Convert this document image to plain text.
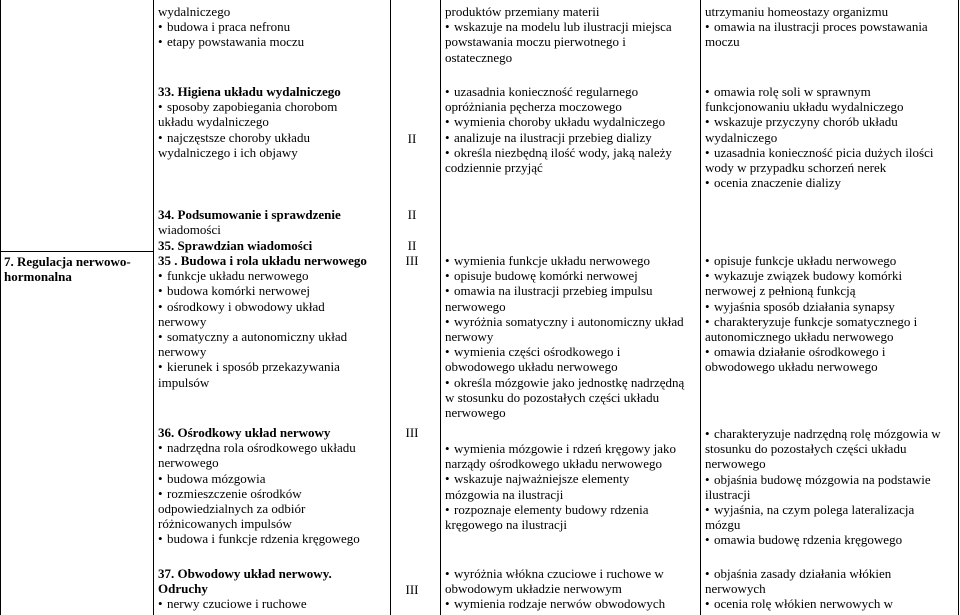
wydalniczego
• budowa i praca nefronu
• etapy powstawania moczu
produktów przemiany materii
• wskazuje na modelu lub ilustracji miejsca
powstawania moczu pierwotnego i
ostatecznego
utrzymaniu homeostazy organizmu
• omawia na ilustracji proces powstawania
moczu
33. Higiena układu wydalniczego
• sposoby zapobiegania chorobom
układu wydalniczego
• najczęstsze choroby układu
wydalniczego i ich objawy
II
• uzasadnia konieczność regularnego
opróżniania pęcherza moczowego
• wymienia choroby układu wydalniczego
• analizuje na ilustracji przebieg dializy
• określa niezbędną ilość wody, jaką należy
codziennie przyjąć
• omawia rolę soli w sprawnym
funkcjonowaniu układu wydalniczego
• wskazuje przyczyny chorób układu
wydalniczego
• uzasadnia konieczność picia dużych ilości
wody w przypadku schorzeń nerek
• ocenia znaczenie dializy
34. Podsumowanie i sprawdzenie
wiadomości
II
35. Sprawdzian wiadomości	II
7. Regulacja nerwowo-
hormonalna
35 . Budowa i rola układu nerwowego
• funkcje układu nerwowego
• budowa komórki nerwowej
• ośrodkowy i obwodowy układ
nerwowy
• somatyczny a autonomiczny układ
nerwowy
• kierunek i sposób przekazywania
impulsów
III
•	wymienia funkcje układu nerwowego
• opisuje budowę komórki nerwowej
• omawia na ilustracji przebieg impulsu
nerwowego
• wyróżnia somatyczny i autonomiczny układ
nerwowy
• wymienia części ośrodkowego i
obwodowego układu nerwowego
• określa mózgowie jako jednostkę nadrzędną
w stosunku do pozostałych części układu
nerwowego
• opisuje funkcje układu nerwowego
• wykazuje związek budowy komórki
nerwowej z pełnioną funkcją
• wyjaśnia sposób działania synapsy
• charakteryzuje funkcje somatycznego i
autonomicznego układu nerwowego
• omawia działanie ośrodkowego i
obwodowego układu nerwowego
36. Ośrodkowy układ nerwowy
• nadrzędna rola ośrodkowego układu
nerwowego
• budowa mózgowia
• rozmieszczenie ośrodków
odpowiedzialnych za odbiór
różnicowanych impulsów
• budowa i funkcje rdzenia kręgowego
III
• wymienia mózgowie i rdzeń kręgowy jako
narządy ośrodkowego układu nerwowego
• wskazuje najważniejsze elementy
mózgowia na ilustracji
• rozpoznaje elementy budowy rdzenia
kręgowego na ilustracji
• charakteryzuje nadrzędną rolę mózgowia w
stosunku do pozostałych części układu
nerwowego
• objaśnia budowę mózgowia na podstawie
ilustracji
• wyjaśnia, na czym polega lateralizacja
mózgu
• omawia budowę rdzenia kręgowego
37. Obwodowy układ nerwowy.
Odruchy
• nerwy czuciowe i ruchowe
III
• wyróżnia włókna czuciowe i ruchowe w
obwodowym układzie nerwowym
• wymienia rodzaje nerwów obwodowych
• objaśnia zasady działania włókien
nerwowych
• ocenia rolę włókien nerwowych w
